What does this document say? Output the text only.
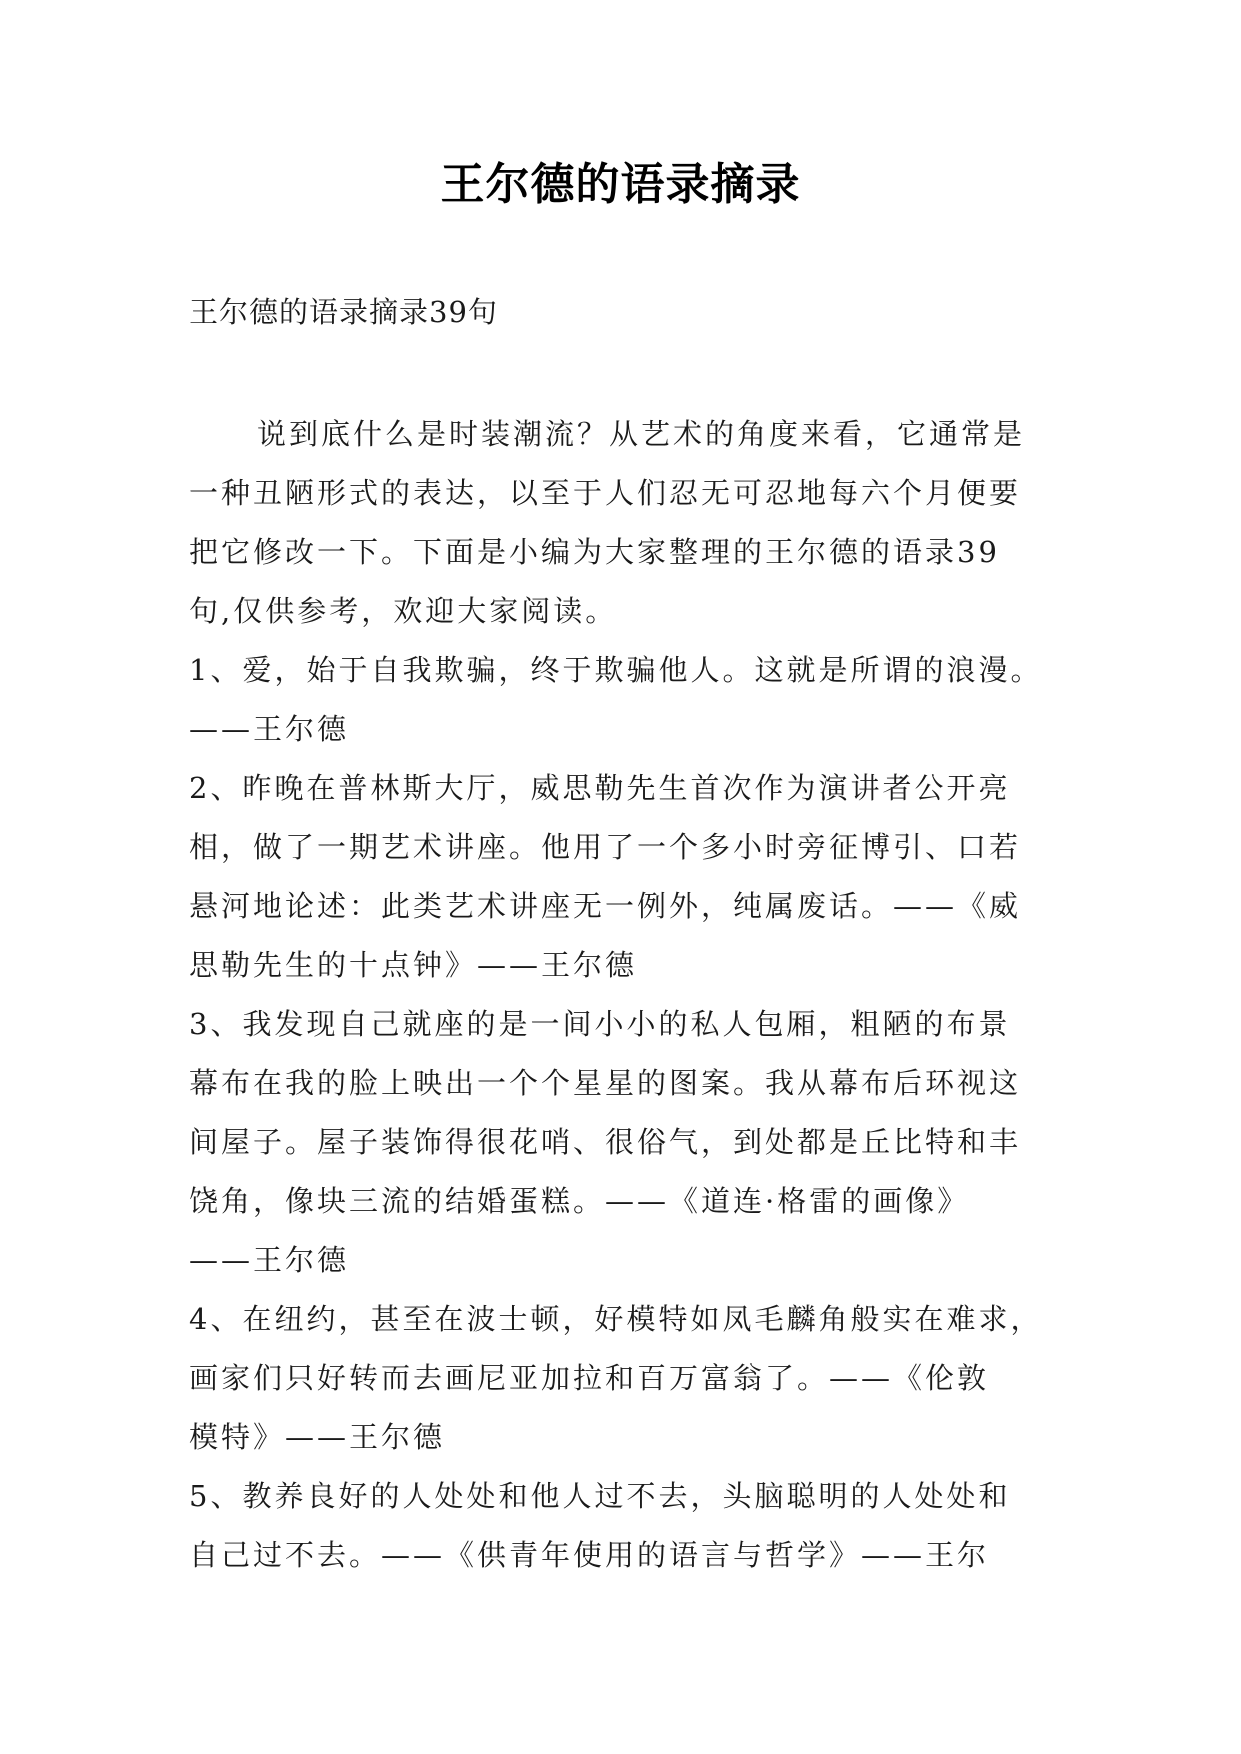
王尔德的语录摘录
王尔德的语录摘录39句
说到底什么是时装潮流？从艺术的角度来看，它通常是
一种丑陋形式的表达，以至于人们忍无可忍地每六个月便要
把它修改一下。下面是小编为大家整理的王尔德的语录39
句,仅供参考，欢迎大家阅读。
1、爱，始于自我欺骗，终于欺骗他人。这就是所谓的浪漫。
——王尔德
2、昨晚在普林斯大厅，威思勒先生首次作为演讲者公开亮
相，做了一期艺术讲座。他用了一个多小时旁征博引、口若
悬河地论述：此类艺术讲座无一例外，纯属废话。——《威
思勒先生的十点钟》——王尔德
3、我发现自己就座的是一间小小的私人包厢，粗陋的布景
幕布在我的脸上映出一个个星星的图案。我从幕布后环视这
间屋子。屋子装饰得很花哨、很俗气，到处都是丘比特和丰
饶角，像块三流的结婚蛋糕。——《道连·格雷的画像》
——王尔德
4、在纽约，甚至在波士顿，好模特如凤毛麟角般实在难求，
画家们只好转而去画尼亚加拉和百万富翁了。——《伦敦
模特》——王尔德
5、教养良好的人处处和他人过不去，头脑聪明的人处处和
自己过不去。——《供青年使用的语言与哲学》——王尔
